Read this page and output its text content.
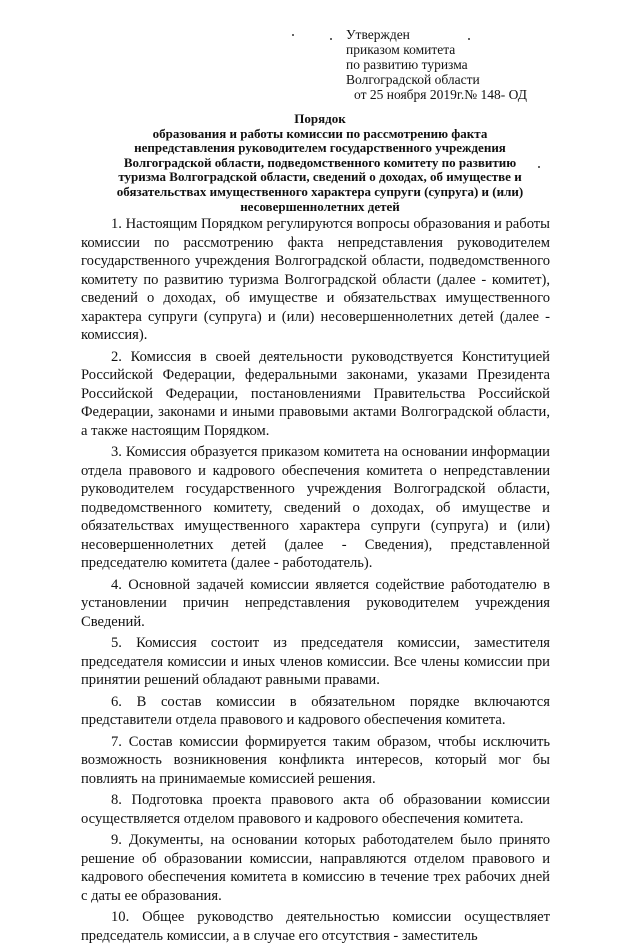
Утвержден
приказом комитета
по развитию туризма
Волгоградской области
от 25 ноября 2019г.№ 148- ОД
Порядок
образования и работы комиссии по рассмотрению факта
непредставления руководителем государственного учреждения
Волгоградской области, подведомственного комитету по развитию
туризма Волгоградской области, сведений о доходах, об имуществе и
обязательствах имущественного характера супруги (супруга) и (или)
несовершеннолетних детей

1. Настоящим Порядком регулируются вопросы образования и работы комиссии по рассмотрению факта непредставления руководителем государственного учреждения Волгоградской области, подведомственного комитету по развитию туризма Волгоградской области (далее - комитет), сведений о доходах, об имуществе и обязательствах имущественного характера супруги (супруга) и (или) несовершеннолетних детей (далее - комиссия).

2. Комиссия в своей деятельности руководствуется Конституцией Российской Федерации, федеральными законами, указами Президента Российской Федерации, постановлениями Правительства Российской Федерации, законами и иными правовыми актами Волгоградской области, а также настоящим Порядком.

3. Комиссия образуется приказом комитета на основании информации отдела правового и кадрового обеспечения комитета о непредставлении руководителем государственного учреждения Волгоградской области, подведомственного комитету, сведений о доходах, об имуществе и обязательствах имущественного характера супруги (супруга) и (или) несовершеннолетних детей (далее - Сведения), представленной председателю комитета (далее - работодатель).

4. Основной задачей комиссии является содействие работодателю в установлении причин непредставления руководителем учреждения Сведений.

5. Комиссия состоит из председателя комиссии, заместителя председателя комиссии и иных членов комиссии. Все члены комиссии при принятии решений обладают равными правами.

6. В состав комиссии в обязательном порядке включаются представители отдела правового и кадрового обеспечения комитета.

7. Состав комиссии формируется таким образом, чтобы исключить возможность возникновения конфликта интересов, который мог бы повлиять на принимаемые комиссией решения.

8. Подготовка проекта правового акта об образовании комиссии осуществляется отделом правового и кадрового обеспечения комитета.

9. Документы, на основании которых работодателем было принято решение об образовании комиссии, направляются отделом правового и кадрового обеспечения комитета в комиссию в течение трех рабочих дней с даты ее образования.

10. Общее руководство деятельностью комиссии осуществляет председатель комиссии, а в случае его отсутствия - заместитель
